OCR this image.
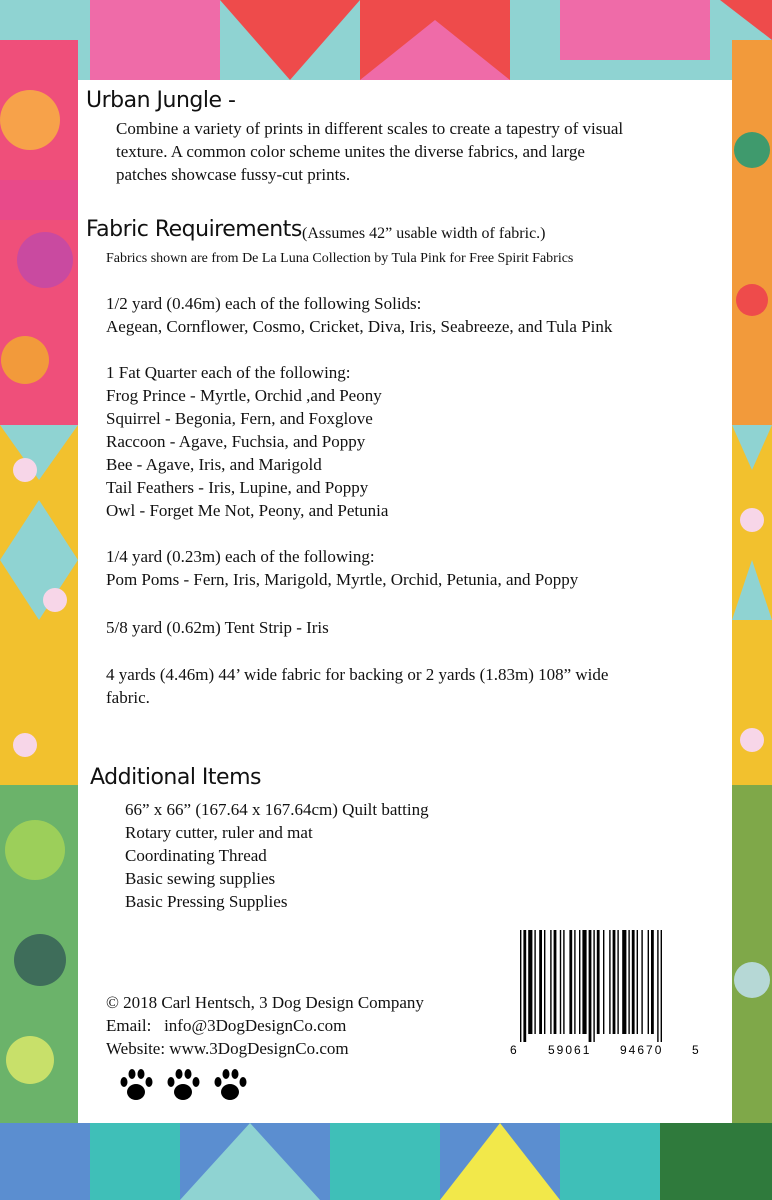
Urban Jungle -
Combine a variety of prints in different scales to create a tapestry of visual
texture. A common color scheme unites the diverse fabrics, and large
patches showcase fussy-cut prints.
Fabric Requirements (Assumes 42” usable width of fabric.)
Fabrics shown are from De La Luna Collection by Tula Pink for Free Spirit Fabrics
1/2 yard (0.46m) each of the following Solids:
Aegean, Cornflower, Cosmo, Cricket, Diva, Iris, Seabreeze, and Tula Pink
1 Fat Quarter each of the following:
Frog Prince - Myrtle, Orchid ,and Peony
Squirrel - Begonia, Fern, and Foxglove
Raccoon - Agave, Fuchsia, and Poppy
Bee - Agave, Iris, and Marigold
Tail Feathers - Iris, Lupine, and Poppy
Owl - Forget Me Not, Peony, and Petunia
1/4 yard (0.23m) each of the following:
Pom Poms - Fern, Iris, Marigold, Myrtle, Orchid, Petunia, and Poppy
5/8 yard (0.62m) Tent Strip - Iris
4 yards (4.46m) 44’ wide fabric for backing or 2 yards (1.83m) 108” wide
fabric.
Additional Items
66” x 66” (167.64 x 167.64cm) Quilt batting
Rotary cutter, ruler and mat
Coordinating Thread
Basic sewing supplies
Basic Pressing Supplies
© 2018 Carl Hentsch, 3 Dog Design Company
Email:   info@3DogDesignCo.com
Website: www.3DogDesignCo.com	6	59061 94670 5
